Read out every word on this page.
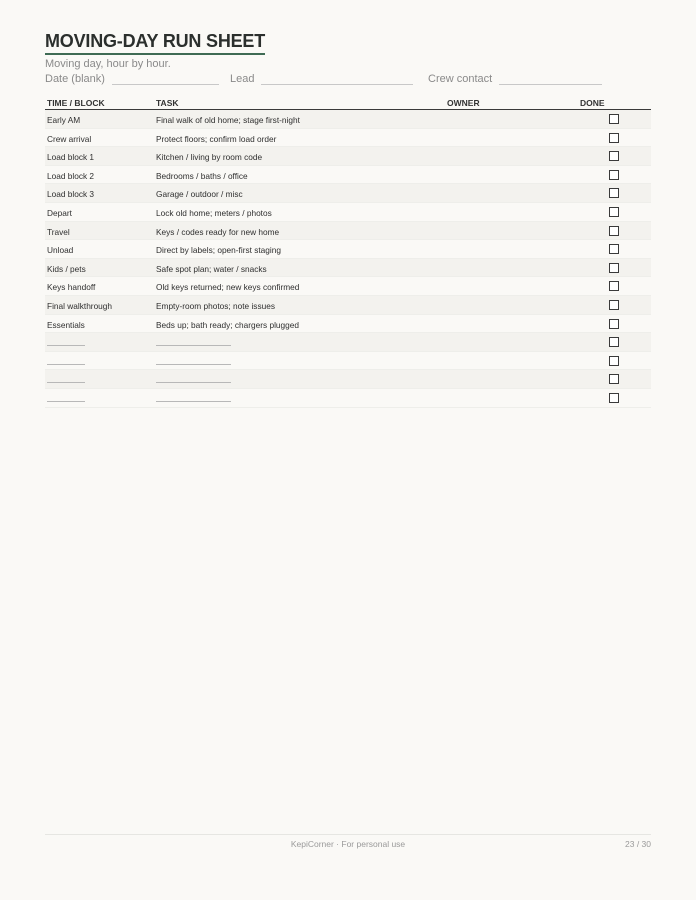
MOVING-DAY RUN SHEET
Moving day, hour by hour.
Date (blank)	Lead	Crew contact
TIME / BLOCK	TASK	OWNER	DONE
Early AM	Final walk of old home; stage first-night
Crew arrival	Protect floors; confirm load order
Load block 1	Kitchen / living by room code
Load block 2	Bedrooms / baths / office
Load block 3	Garage / outdoor / misc
Depart	Lock old home; meters / photos
Travel	Keys / codes ready for new home
Unload	Direct by labels; open-first staging
Kids / pets	Safe spot plan; water / snacks
Keys handoff	Old keys returned; new keys confirmed
Final walkthrough	Empty-room photos; note issues
Essentials	Beds up; bath ready; chargers plugged
KepiCorner · For personal use	23 / 30
